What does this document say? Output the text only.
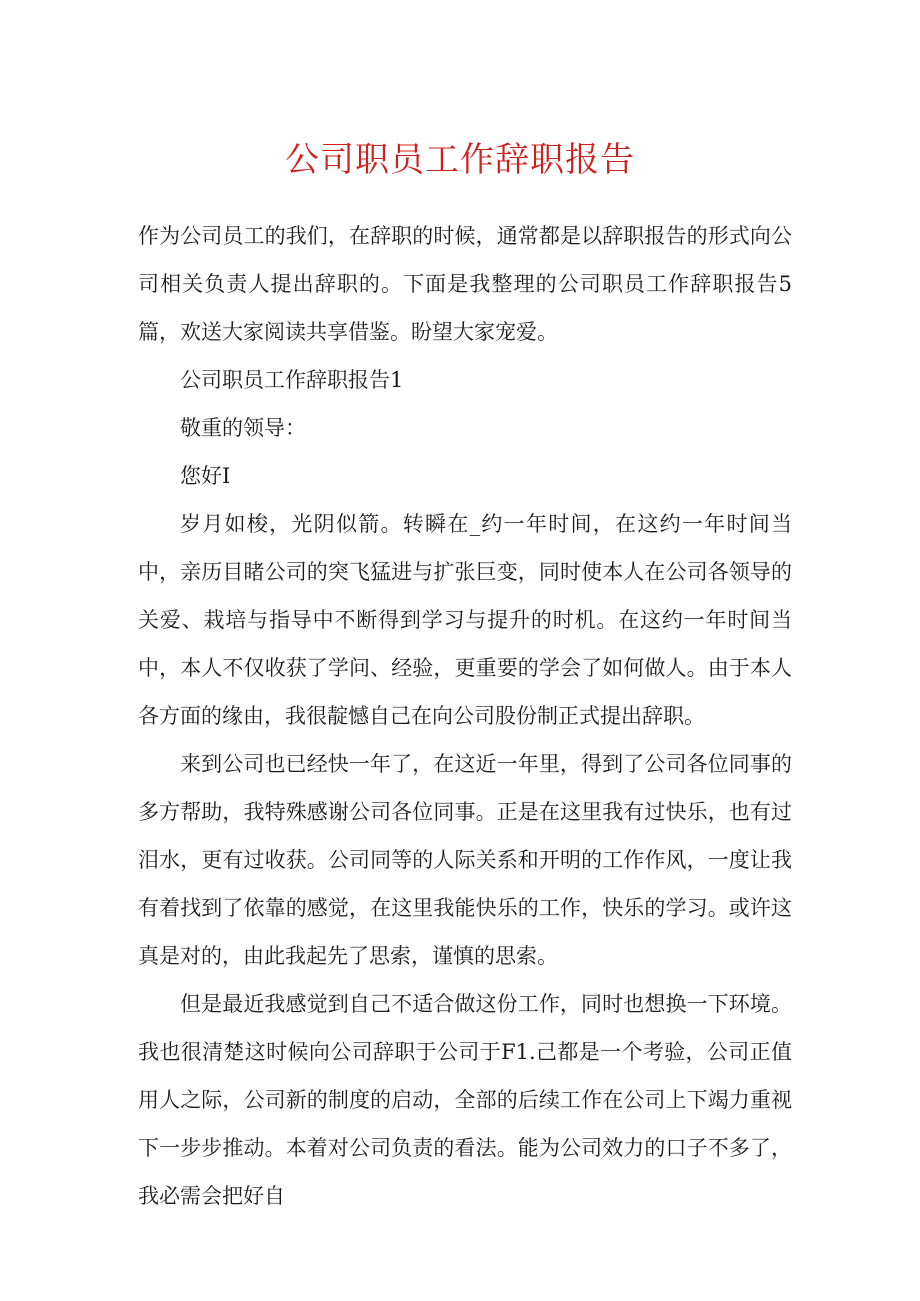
公司职员工作辞职报告

作为公司员工的我们，在辞职的时候，通常都是以辞职报告的形式向公司相关负责人提出辞职的。下面是我整理的公司职员工作辞职报告5篇，欢送大家阅读共享借鉴。盼望大家宠爱。

公司职员工作辞职报告1

敬重的领导：

您好I

岁月如梭，光阴似箭。转瞬在_约一年时间，在这约一年时间当中，亲历目睹公司的突飞猛进与扩张巨变，同时使本人在公司各领导的关爱、栽培与指导中不断得到学习与提升的时机。在这约一年时间当中，本人不仅收获了学问、经验，更重要的学会了如何做人。由于本人各方面的缘由，我很靛憾自己在向公司股份制正式提出辞职。

来到公司也已经快一年了，在这近一年里，得到了公司各位同事的多方帮助，我特殊感谢公司各位同事。正是在这里我有过快乐，也有过泪水，更有过收获。公司同等的人际关系和开明的工作作风，一度让我有着找到了依靠的感觉，在这里我能快乐的工作，快乐的学习。或许这真是对的，由此我起先了思索，谨慎的思索。

但是最近我感觉到自己不适合做这份工作，同时也想换一下环境。我也很清楚这时候向公司辞职于公司于F1.己都是一个考验，公司正值用人之际，公司新的制度的启动，全部的后续工作在公司上下竭力重视下一步步推动。本着对公司负责的看法。能为公司效力的口子不多了，我必需会把好自
